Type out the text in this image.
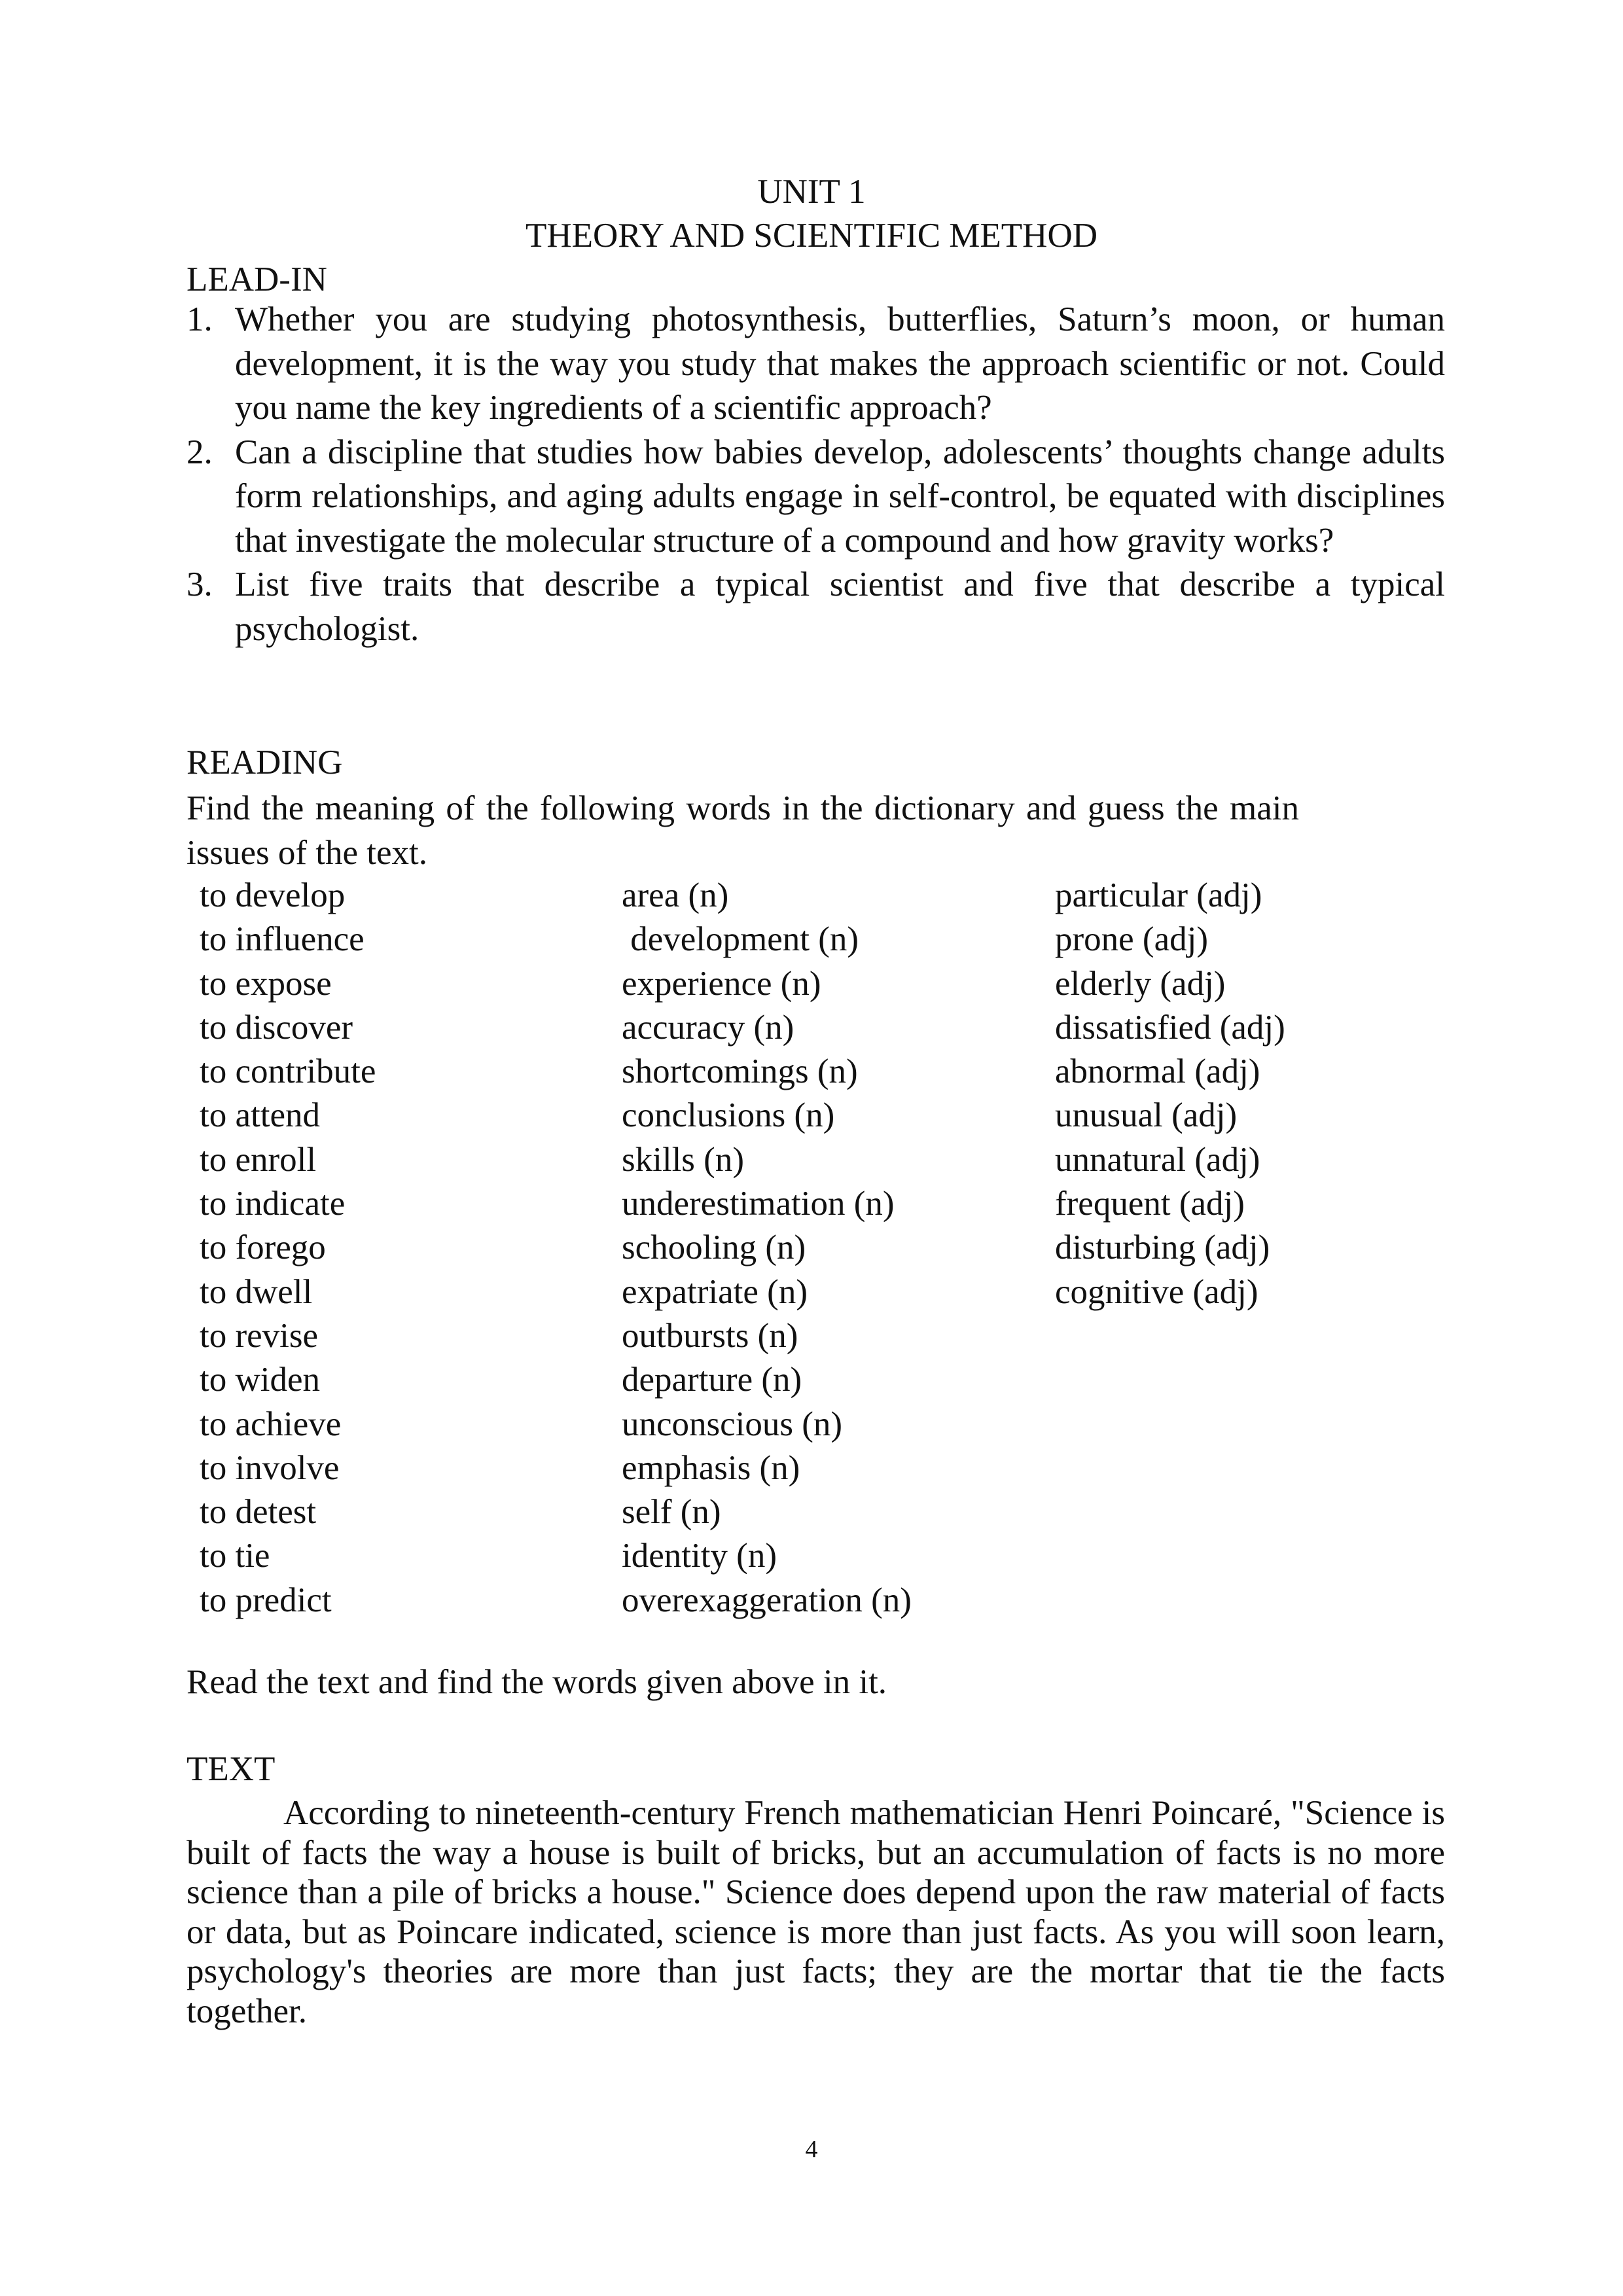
UNIT 1
THEORY AND SCIENTIFIC METHOD
LEAD-IN
1. Whether you are studying photosynthesis, butterflies, Saturn’s moon, or human development, it is the way you study that makes the approach scientific or not. Could you name the key ingredients of a scientific approach?
2. Can a discipline that studies how babies develop, adolescents’ thoughts change adults form relationships, and aging adults engage in self-control, be equated with disciplines that investigate the molecular structure of a compound and how gravity works?
3. List five traits that describe a typical scientist and five that describe a typical psychologist.
READING
Find the meaning of the following words in the dictionary and guess the main issues of the text.
to develop
to influence
to expose
to discover
to contribute
to attend
to enroll
to indicate
to forego
to dwell
to revise
to widen
to achieve
to involve
to detest
to tie
to predict
area (n)
development (n)
experience (n)
accuracy (n)
shortcomings (n)
conclusions (n)
skills (n)
underestimation (n)
schooling (n)
expatriate (n)
outbursts (n)
departure (n)
unconscious (n)
emphasis (n)
self (n)
identity (n)
overexaggeration (n)
particular (adj)
prone (adj)
elderly (adj)
dissatisfied (adj)
abnormal (adj)
unusual (adj)
unnatural (adj)
frequent (adj)
disturbing (adj)
cognitive (adj)
Read the text and find the words given above in it.
TEXT
According to nineteenth-century French mathematician Henri Poincaré, "Science is built of facts the way a house is built of bricks, but an accumulation of facts is no more science than a pile of bricks a house." Science does depend upon the raw material of facts or data, but as Poincare indicated, science is more than just facts. As you will soon learn, psychology's theories are more than just facts; they are the mortar that tie the facts together.
4
